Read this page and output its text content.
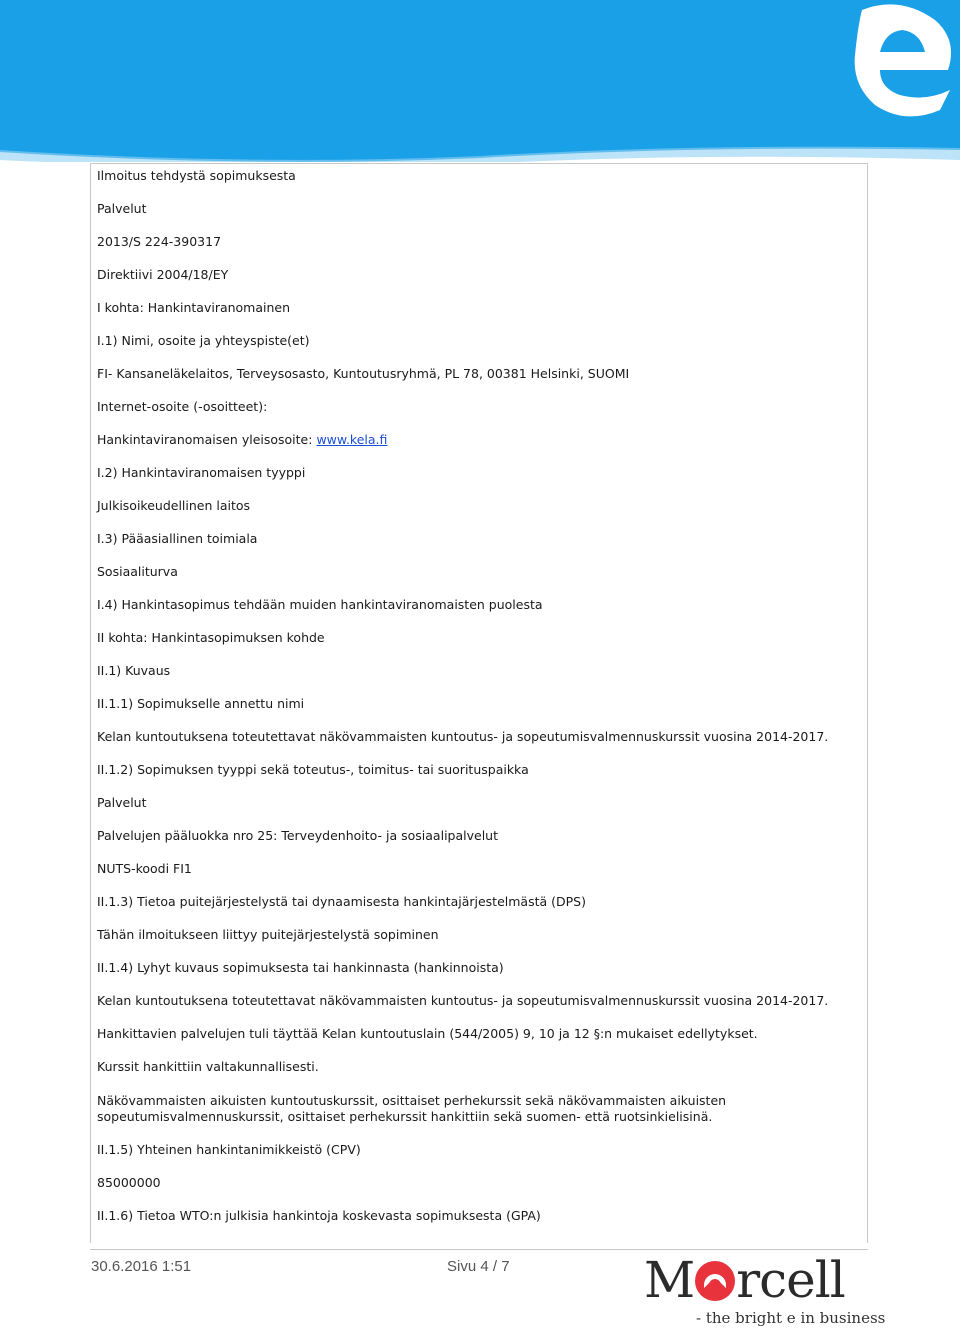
Ilmoitus tehdystä sopimuksesta
Palvelut
2013/S 224-390317
Direktiivi 2004/18/EY
I kohta: Hankintaviranomainen
I.1) Nimi, osoite ja yhteyspiste(et)
FI- Kansaneläkelaitos, Terveysosasto, Kuntoutusryhmä, PL 78, 00381 Helsinki, SUOMI
Internet-osoite (-osoitteet):
Hankintaviranomaisen yleisosoite: www.kela.fi
I.2) Hankintaviranomaisen tyyppi
Julkisoikeudellinen laitos
I.3) Pääasiallinen toimiala
Sosiaaliturva
I.4) Hankintasopimus tehdään muiden hankintaviranomaisten puolesta
II kohta: Hankintasopimuksen kohde
II.1) Kuvaus
II.1.1) Sopimukselle annettu nimi
Kelan kuntoutuksena toteutettavat näkövammaisten kuntoutus- ja sopeutumisvalmennuskurssit vuosina 2014-2017.
II.1.2) Sopimuksen tyyppi sekä toteutus-, toimitus- tai suorituspaikka
Palvelut
Palvelujen pääluokka nro 25: Terveydenhoito- ja sosiaalipalvelut
NUTS-koodi FI1
II.1.3) Tietoa puitejärjestelystä tai dynaamisesta hankintajärjestelmästä (DPS)
Tähän ilmoitukseen liittyy puitejärjestelystä sopiminen
II.1.4) Lyhyt kuvaus sopimuksesta tai hankinnasta (hankinnoista)
Kelan kuntoutuksena toteutettavat näkövammaisten kuntoutus- ja sopeutumisvalmennuskurssit vuosina 2014-2017.
Hankittavien palvelujen tuli täyttää Kelan kuntoutuslain (544/2005) 9, 10 ja 12 §:n mukaiset edellytykset.
Kurssit hankittiin valtakunnallisesti.
Näkövammaisten aikuisten kuntoutuskurssit, osittaiset perhekurssit sekä näkövammaisten aikuisten sopeutumisvalmennuskurssit, osittaiset perhekurssit hankittiin sekä suomen- että ruotsinkielisinä.
II.1.5) Yhteinen hankintanimikkeistö (CPV)
85000000
II.1.6) Tietoa WTO:n julkisia hankintoja koskevasta sopimuksesta (GPA)
30.6.2016 1:51	Sivu 4 / 7	M rcell
- the bright e in business
